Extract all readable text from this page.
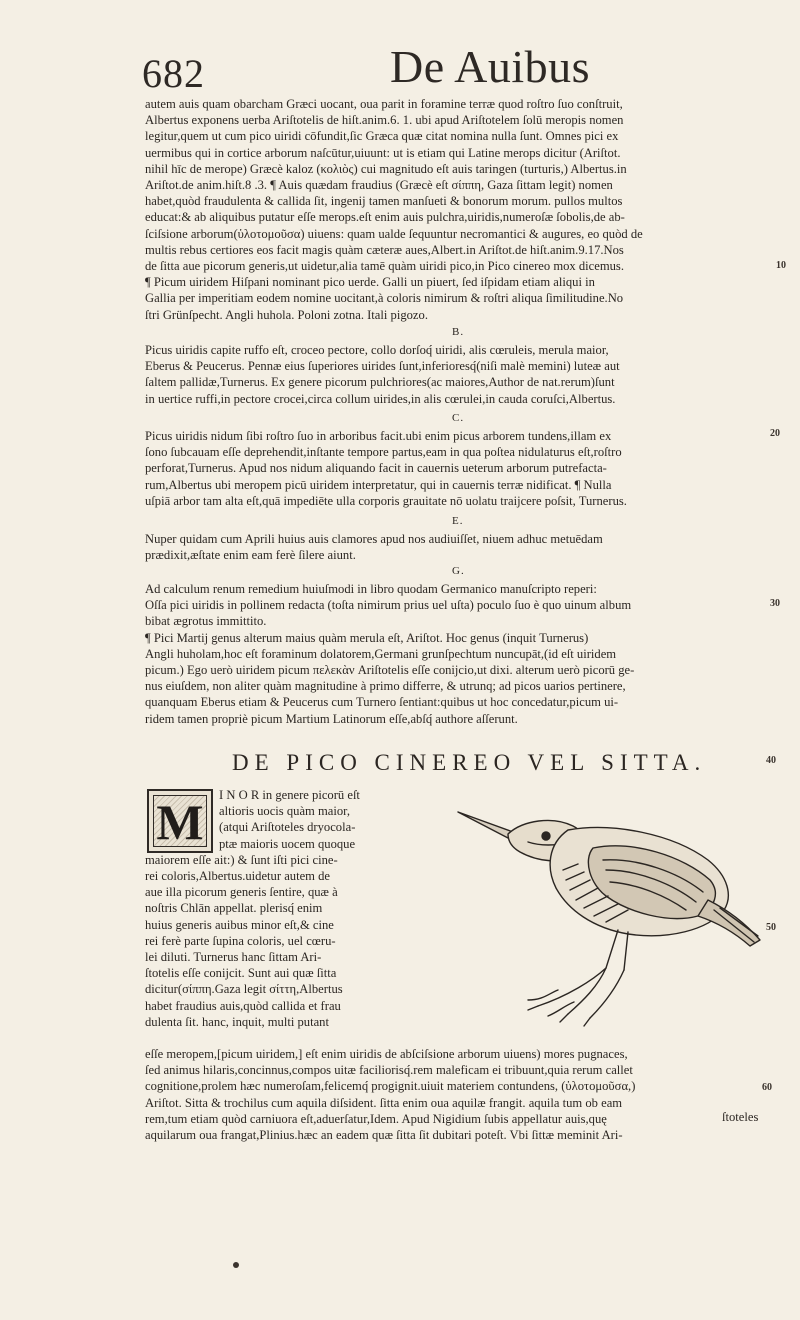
682	De Auibus
autem auis quam obarcham Græci uocant, oua parit in foramine terræ quod roſtro ſuo conſtruit,
Albertus exponens uerba Ariſtotelis de hiſt.anim.6. 1. ubi apud Ariſtotelem ſolū meropis nomen
legitur,quem ut cum pico uiridi cōfundit,ſic Græca quæ citat nomina nulla ſunt. Omnes pici ex
uermibus qui in cortice arborum naſcūtur,uiuunt: ut is etiam qui Latine merops dicitur (Ariſtot.
nihil hīc de merope) Græcè kaloz (κολιὸς) cui magnitudo eſt auis taringen (turturis,) Albertus.in
Ariſtot.de anim.hiſt.8 .3. ¶ Auis quædam fraudius (Græcè eſt σίππη, Gaza ſittam legit) nomen
habet,quòd fraudulenta & callida ſit, ingenij tamen manſueti & bonorum morum. pullos multos
educat:& ab aliquibus putatur eſſe merops.eſt enim auis pulchra,uiridis,numeroſæ ſobolis,de ab-
ſciſsione arborum(ὑλοτομοῦσα) uiuens: quam ualde ſequuntur necromantici & augures, eo quòd de
multis rebus certiores eos facit magis quàm cæteræ aues,Albert.in Ariſtot.de hiſt.anim.9.17.Nos
de ſitta aue picorum generis,ut uidetur,alia tamē quàm uiridi pico,in Pico cinereo mox dicemus.
¶ Picum uiridem Hiſpani nominant pico uerde. Galli un piuert, ſed iſpidam etiam aliqui in
Gallia per imperitiam eodem nomine uocitant,à coloris nimirum & roſtri aliqua ſimilitudine.No
ſtri Grünſpecht. Angli huhola. Poloni zotna. Itali pigozo.
B.
Picus uiridis capite ruffo eſt, croceo pectore, collo dorſoq́ uiridi, alis cœruleis, merula maior,
Eberus & Peucerus. Pennæ eius ſuperiores uirides ſunt,inferioresq́(niſi malè memini) luteæ aut
ſaltem pallidæ,Turnerus. Ex genere picorum pulchriores(ac maiores,Author de nat.rerum)ſunt
in uertice ruffi,in pectore crocei,circa collum uirides,in alis cœrulei,in cauda coruſci,Albertus.
C.
Picus uiridis nidum ſibi roſtro ſuo in arboribus facit.ubi enim picus arborem tundens,illam ex
ſono ſubcauam eſſe deprehendit,inſtante tempore partus,eam in qua poſtea nidulaturus eſt,roſtro
perforat,Turnerus. Apud nos nidum aliquando facit in cauernis ueterum arborum putrefacta-
rum,Albertus ubi meropem picū uiridem interpretatur, qui in cauernis terræ nidificat. ¶ Nulla
uſpiā arbor tam alta eſt,quā impediēte ulla corporis grauitate nō uolatu traijcere poſsit, Turnerus.
E.
Nuper quidam cum Aprili huius auis clamores apud nos audiuiſſet, niuem adhuc metuēdam
prædixit,æſtate enim eam ferè ſilere aiunt.
G.
Ad calculum renum remedium huiuſmodi in libro quodam Germanico manuſcripto reperi:
Oſſa pici uiridis in pollinem redacta (toſta nimirum prius uel uſta) poculo ſuo è quo uinum album
bibat ægrotus immittito.
¶ Pici Martij genus alterum maius quàm merula eſt, Ariſtot. Hoc genus (inquit Turnerus)
Angli huholam,hoc eſt foraminum dolatorem,Germani grunſpechtum nuncupāt,(id eſt uiridem
picum.) Ego uerò uiridem picum πελεκὰν Ariſtotelis eſſe conijcio,ut dixi. alterum uerò picorū ge-
nus eiuſdem, non aliter quàm magnitudine à primo differre, & utrunq; ad picos uarios pertinere,
quanquam Eberus etiam & Peucerus cum Turnero ſentiant:quibus ut hoc concedatur,picum ui-
ridem tamen propriè picum Martium Latinorum eſſe,abſq́ authore aſſerunt.
10
20
30
40
50
60
DE PICO CINEREO VEL SITTA.
M	I N O R in genere picorū eſt
altioris uocis quàm maior,
(atqui Ariſtoteles dryocola-
ptæ maioris uocem quoque
maiorem eſſe ait:) & ſunt iſti pici cine-
rei coloris,Albertus.uidetur autem de
aue illa picorum generis ſentire, quæ à
noſtris Chlān appellat. plerisq́ enim
huius generis auibus minor eſt,& cine
rei ferè parte ſupina coloris, uel cœru-
lei diluti. Turnerus hanc ſittam Ari-
ſtotelis eſſe conijcit. Sunt aui quæ ſitta
dicitur(σίππη.Gaza legit σίττη,Albertus
habet fraudius auis,quòd callida et frau
dulenta ſit. hanc, inquit, multi putant
eſſe meropem,[picum uiridem,] eſt enim uiridis de abſciſsione arborum uiuens) mores pugnaces,
ſed animus hilaris,concinnus,compos uitæ faciliorisq́.rem maleficam ei tribuunt,quia rerum callet
cognitione,prolem hæc numeroſam,felicemq́ progignit.uiuit materiem contundens, (ὑλοτομοῦσα,)
Ariſtot. Sitta & trochilus cum aquila diſsident. ſitta enim oua aquilæ frangit. aquila tum ob eam
rem,tum etiam quòd carniuora eſt,aduerſatur,Idem. Apud Nigidium ſubis appellatur auis,quę
aquilarum oua frangat,Plinius.hæc an eadem quæ ſitta ſit dubitari poteſt. Vbi ſittæ meminit Ari-
ſtoteles
